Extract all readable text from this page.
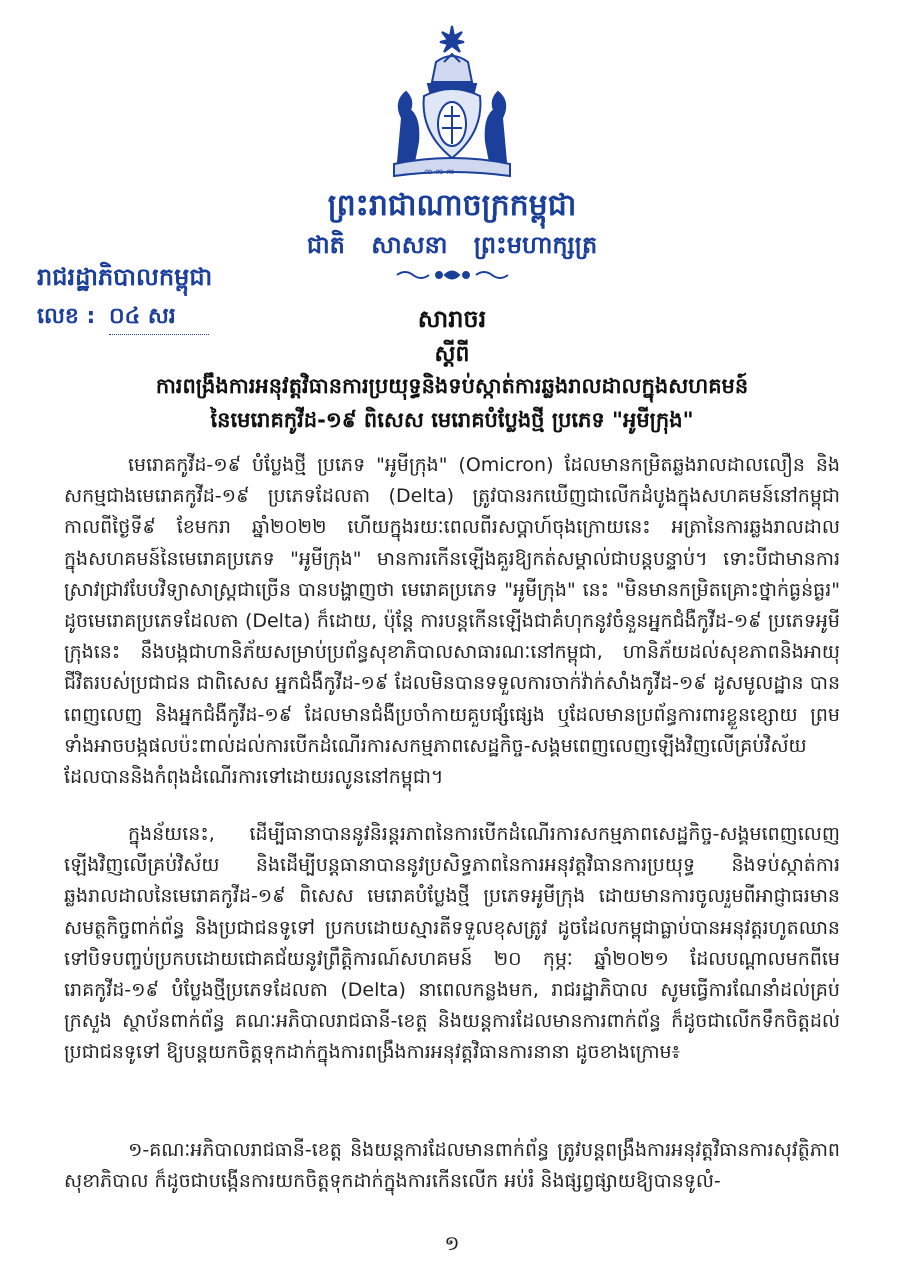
ᨠ ᨠ ᨠ
ព្រះរាជាណាចក្រកម្ពុជា
ជាតិ សាសនា ព្រះមហាក្សត្រ
រាជរដ្ឋាភិបាលកម្ពុជា
លេខ : ០៤ សរ	សារាចរ
ស្តីពី
ការពង្រឹងការអនុវត្តវិធានការប្រយុទ្ធនិងទប់ស្កាត់ការឆ្លងរាលដាលក្នុងសហគមន៍
នៃមេរោគកូវីដ-១៩ ពិសេស មេរោគបំប្លែងថ្មី ប្រភេទ "អូមីក្រុង"
មេរោគកូវីដ-១៩ បំប្លែងថ្មី ប្រភេទ "អូមីក្រុង" (Omicron) ដែលមានកម្រិតឆ្លងរាលដាលលឿន និងសកម្មជាងមេរោគកូវីដ-១៩ ប្រភេទដែលតា (Delta) ត្រូវបានរកឃើញជាលើកដំបូងក្នុងសហគមន៍នៅកម្ពុជា កាលពីថ្ងៃទី៩ ខែមករា ឆ្នាំ២០២២ ហើយក្នុងរយៈពេលពីរសប្តាហ៍ចុងក្រោយនេះ អត្រានៃការឆ្លងរាលដាលក្នុងសហគមន៍នៃមេរោគប្រភេទ "អូមីក្រុង" មានការកើនឡើងគួរឱ្យកត់សម្គាល់ជាបន្តបន្ទាប់។ ទោះបីជាមានការស្រាវជ្រាវបែបវិទ្យាសាស្ត្រជាច្រើន បានបង្ហាញថា មេរោគប្រភេទ "អូមីក្រុង" នេះ "មិនមានកម្រិតគ្រោះថ្នាក់ធ្ងន់ធ្ងរ" ដូចមេរោគប្រភេទដែលតា (Delta) ក៏ដោយ, ប៉ុន្តែ ការបន្តកើនឡើងជាគំហុកនូវចំនួនអ្នកជំងឺកូវីដ-១៩ ប្រភេទអូមីក្រុងនេះ នឹងបង្កជាហានិភ័យសម្រាប់ប្រព័ន្ធសុខាភិបាលសាធារណៈនៅកម្ពុជា, ហានិភ័យដល់សុខភាពនិងអាយុជីវិតរបស់ប្រជាជន ជាពិសេស អ្នកជំងឺកូវីដ-១៩ ដែលមិនបានទទួលការចាក់វ៉ាក់សាំងកូវីដ-១៩ ដូសមូលដ្ឋាន បានពេញលេញ និងអ្នកជំងឺកូវីដ-១៩ ដែលមានជំងឺប្រចាំកាយគួបផ្សំផ្សេង ឬដែលមានប្រព័ន្ធការពារខ្លួនខ្សោយ ព្រមទាំងអាចបង្កផលប៉ះពាល់ដល់ការបើកដំណើរការសកម្មភាពសេដ្ឋកិច្ច-សង្គមពេញលេញឡើងវិញលើគ្រប់វិស័យ ដែលបាននិងកំពុងដំណើរការទៅដោយរលូននៅកម្ពុជា។
ក្នុងន័យនេះ, ដើម្បីធានាបាននូវនិរន្តរភាពនៃការបើកដំណើរការសកម្មភាពសេដ្ឋកិច្ច-សង្គមពេញលេញឡើងវិញលើគ្រប់វិស័យ និងដើម្បីបន្តធានាបាននូវប្រសិទ្ធភាពនៃការអនុវត្តវិធានការប្រយុទ្ធ និងទប់ស្កាត់ការឆ្លងរាលដាលនៃមេរោគកូវីដ-១៩ ពិសេស មេរោគបំប្លែងថ្មី ប្រភេទអូមីក្រុង ដោយមានការចូលរួមពីអាជ្ញាធរមានសមត្ថកិច្ចពាក់ព័ន្ធ និងប្រជាជនទូទៅ ប្រកបដោយស្មារតីទទួលខុសត្រូវ ដូចដែលកម្ពុជាធ្លាប់បានអនុវត្តរហូតឈានទៅបិទបញ្ចប់ប្រកបដោយជោគជ័យនូវព្រឹត្តិការណ៍សហគមន៍ ២០ កុម្ភៈ ឆ្នាំ២០២១ ដែលបណ្តាលមកពីមេរោគកូវីដ-១៩ បំប្លែងថ្មីប្រភេទដែលតា (Delta) នាពេលកន្លងមក, រាជរដ្ឋាភិបាល សូមធ្វើការណែនាំដល់គ្រប់ក្រសួង ស្ថាប័នពាក់ព័ន្ធ គណៈអភិបាលរាជធានី-ខេត្ត និងយន្តការដែលមានការពាក់ព័ន្ធ ក៏ដូចជាលើកទឹកចិត្តដល់ប្រជាជនទូទៅ ឱ្យបន្តយកចិត្តទុកដាក់ក្នុងការពង្រឹងការអនុវត្តវិធានការនានា ដូចខាងក្រោម៖
១-គណៈអភិបាលរាជធានី-ខេត្ត និងយន្តការដែលមានពាក់ព័ន្ធ ត្រូវបន្តពង្រឹងការអនុវត្តវិធានការសុវត្ថិភាពសុខាភិបាល ក៏ដូចជាបង្កើនការយកចិត្តទុកដាក់ក្នុងការកើនលើក អប់រំ និងផ្សព្វផ្សាយឱ្យបានទូលំ-
១
